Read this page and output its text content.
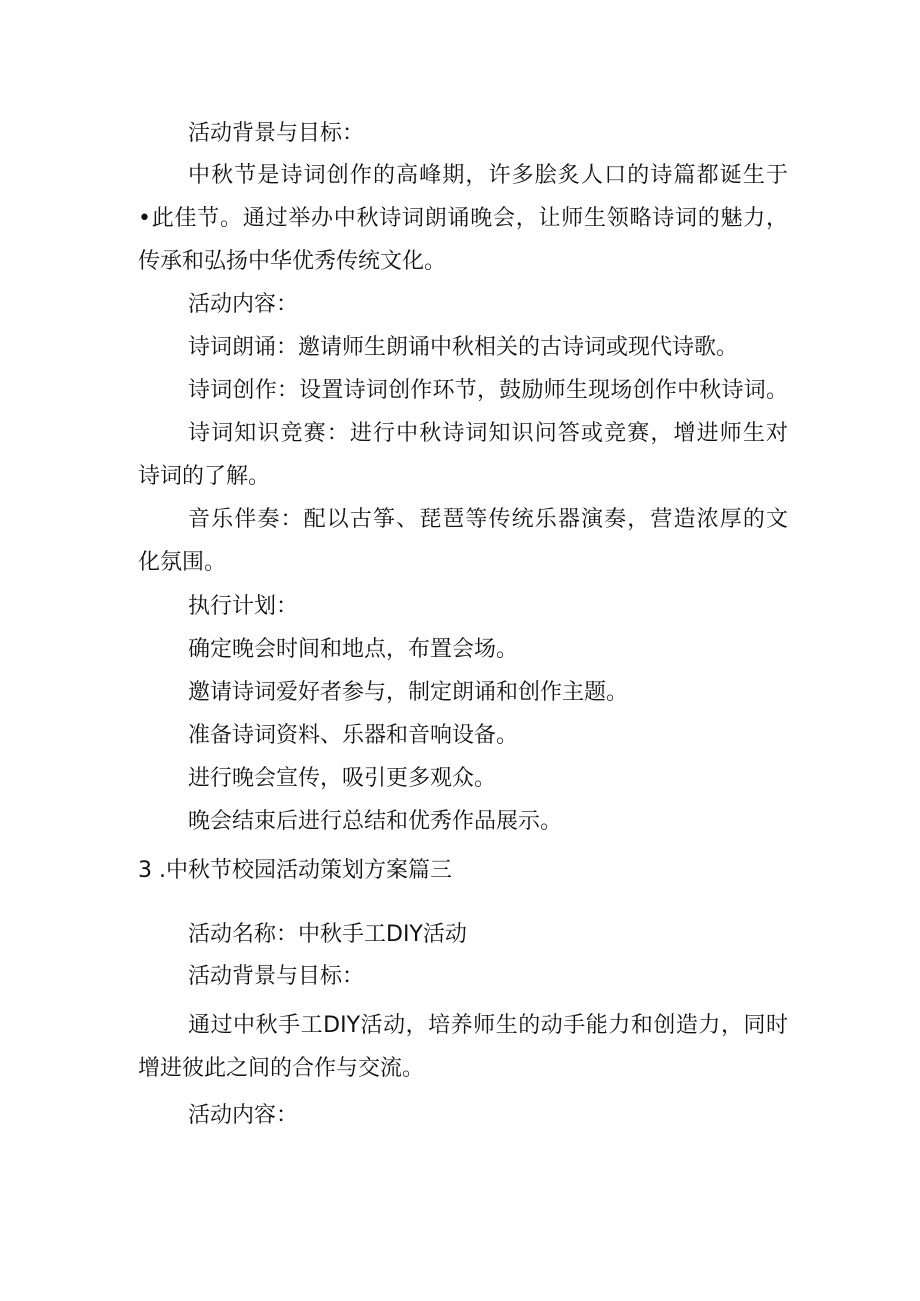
活动背景与目标：
中秋节是诗词创作的高峰期，许多脍炙人口的诗篇都诞生于
•此佳节。通过举办中秋诗词朗诵晚会，让师生领略诗词的魅力，
传承和弘扬中华优秀传统文化。
活动内容：
诗词朗诵：邀请师生朗诵中秋相关的古诗词或现代诗歌。
诗词创作：设置诗词创作环节，鼓励师生现场创作中秋诗词。
诗词知识竞赛：进行中秋诗词知识问答或竞赛，增进师生对
诗词的了解。
音乐伴奏：配以古筝、琵琶等传统乐器演奏，营造浓厚的文
化氛围。
执行计划：
确定晚会时间和地点，布置会场。
邀请诗词爱好者参与，制定朗诵和创作主题。
准备诗词资料、乐器和音响设备。
进行晚会宣传，吸引更多观众。
晚会结束后进行总结和优秀作品展示。
3 .中秋节校园活动策划方案篇三
活动名称：中秋手工DIY活动
活动背景与目标：
通过中秋手工DIY活动，培养师生的动手能力和创造力，同时
增进彼此之间的合作与交流。
活动内容：
